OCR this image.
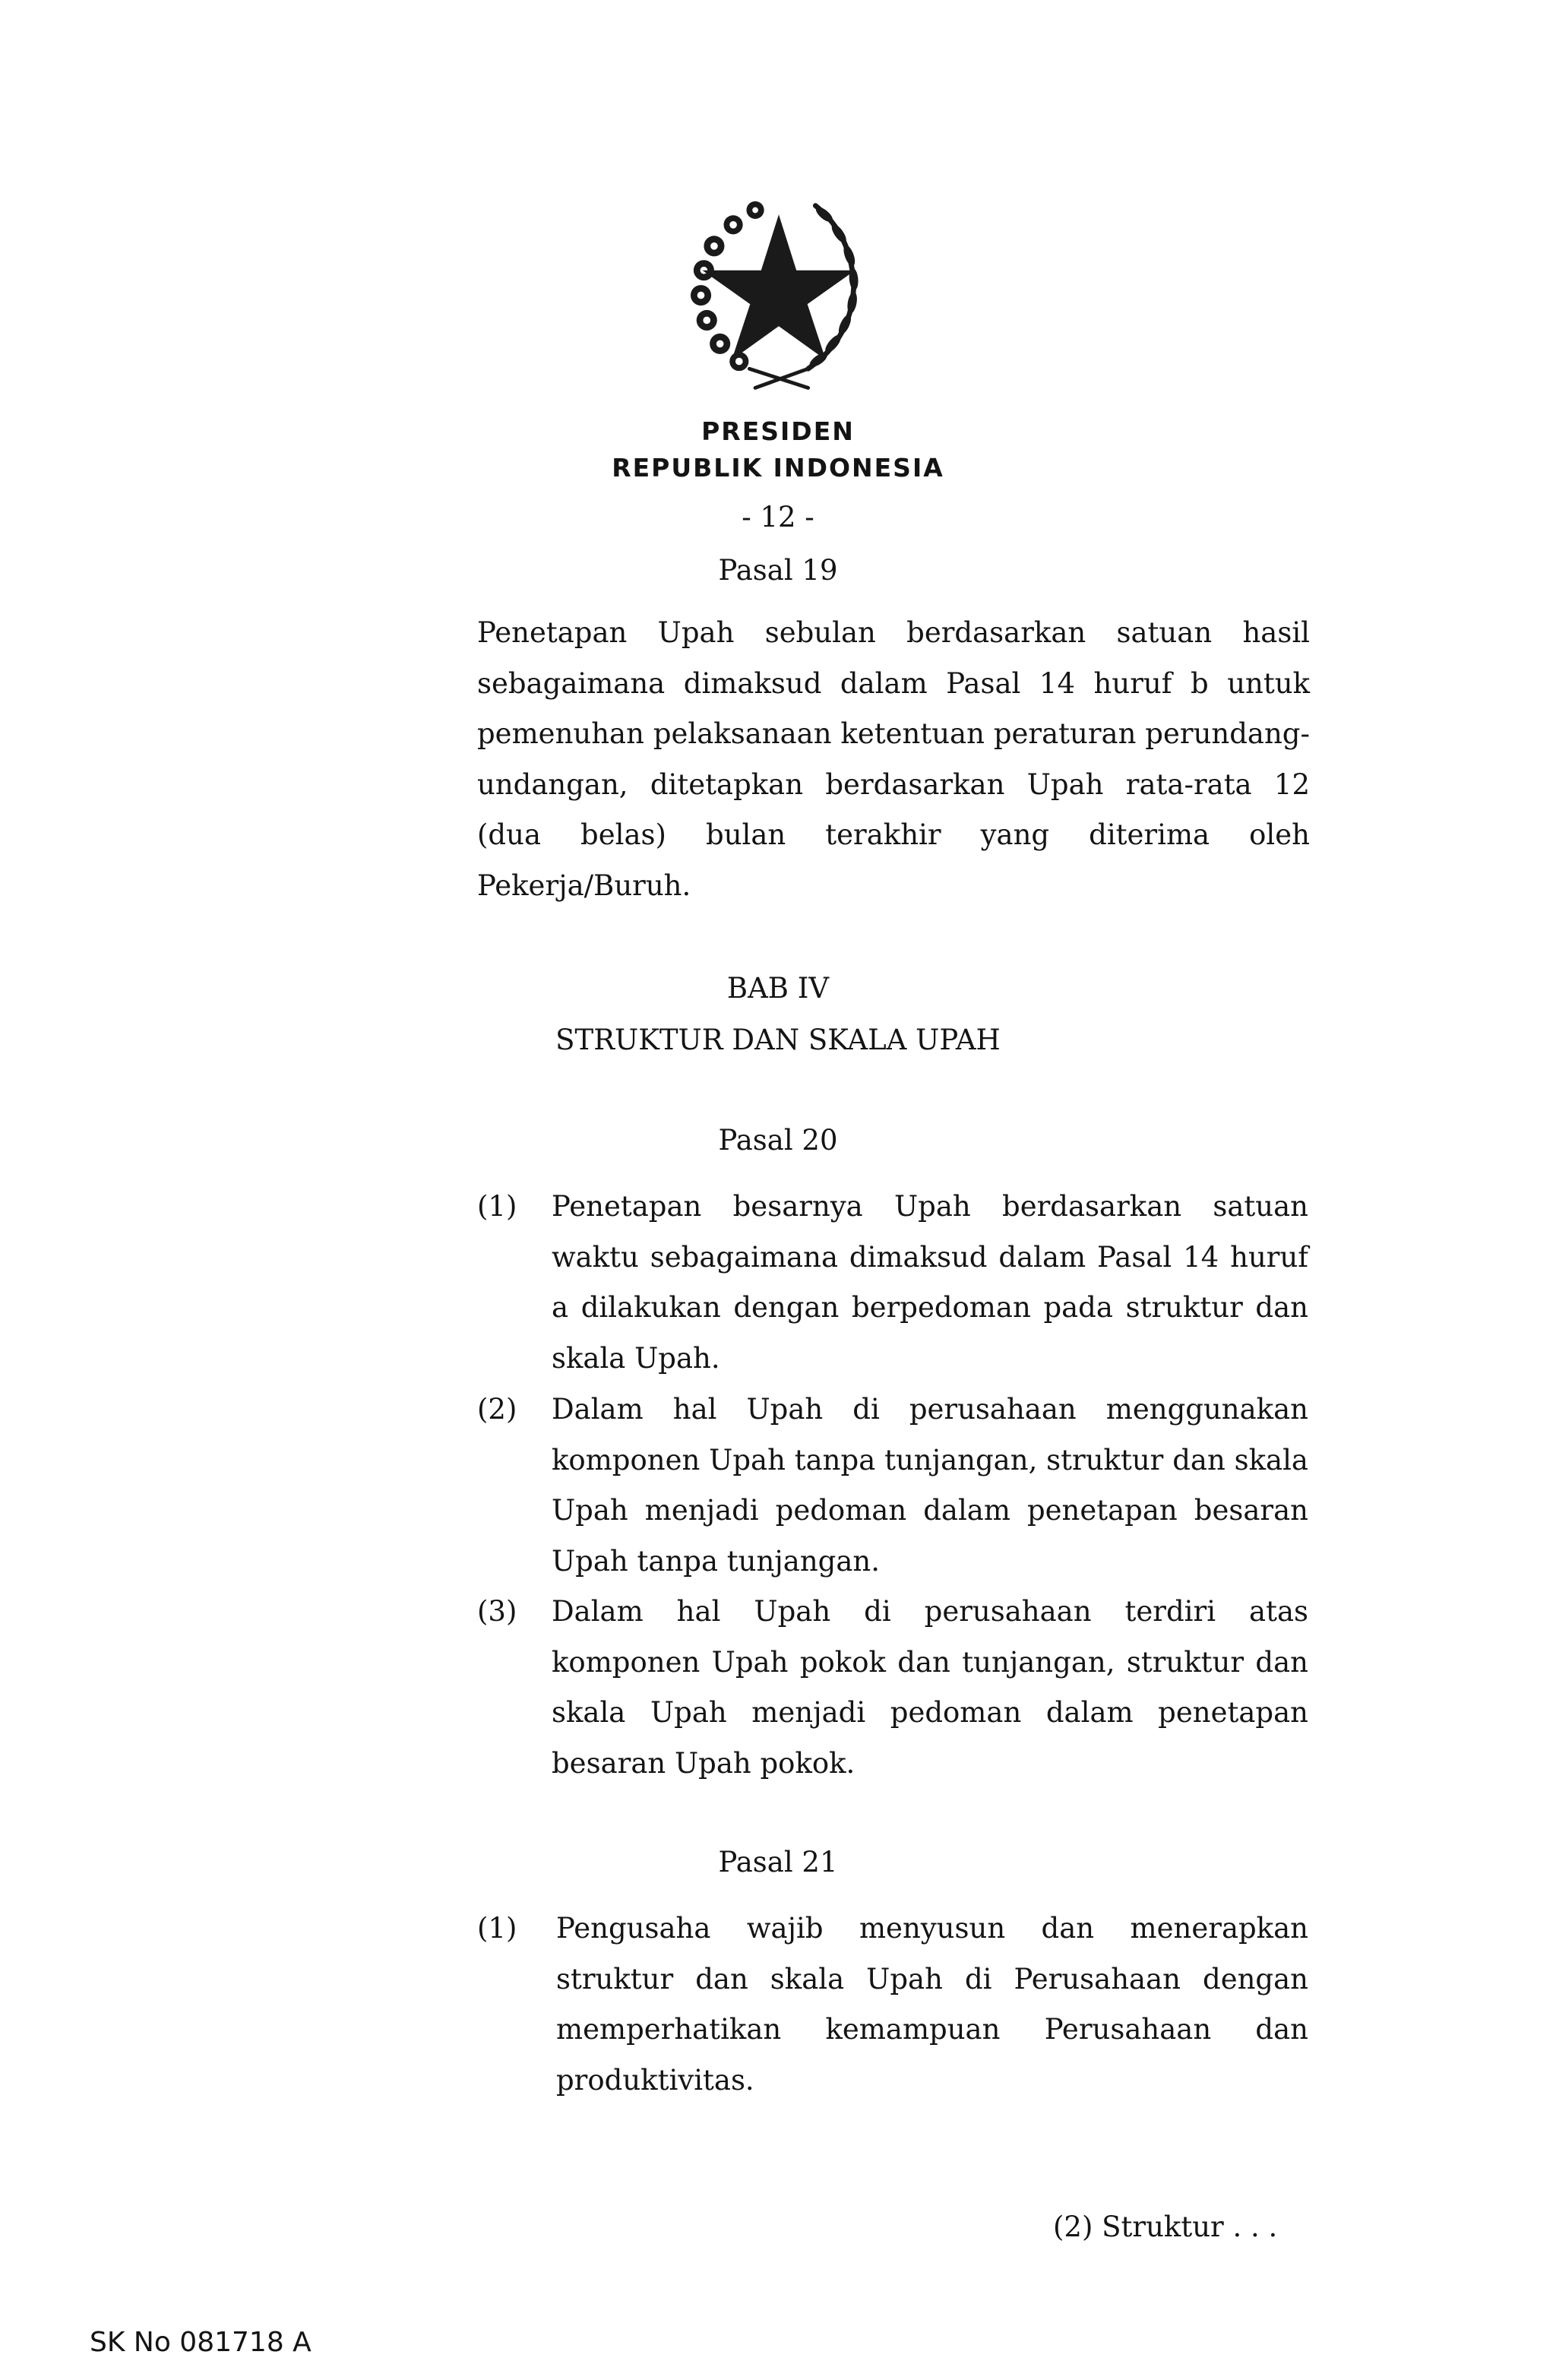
PRESIDEN
REPUBLIK INDONESIA
- 12 -
Pasal 19
Penetapan Upah sebulan berdasarkan satuan hasil sebagaimana dimaksud dalam Pasal 14 huruf b untuk pemenuhan pelaksanaan ketentuan peraturan perundang-undangan, ditetapkan berdasarkan Upah rata-rata 12 (dua belas) bulan terakhir yang diterima oleh Pekerja/Buruh.
BAB IV
STRUKTUR DAN SKALA UPAH
Pasal 20
(1) Penetapan besarnya Upah berdasarkan satuan waktu sebagaimana dimaksud dalam Pasal 14 huruf a dilakukan dengan berpedoman pada struktur dan skala Upah.
(2) Dalam hal Upah di perusahaan menggunakan komponen Upah tanpa tunjangan, struktur dan skala Upah menjadi pedoman dalam penetapan besaran Upah tanpa tunjangan.
(3) Dalam hal Upah di perusahaan terdiri atas komponen Upah pokok dan tunjangan, struktur dan skala Upah menjadi pedoman dalam penetapan besaran Upah pokok.
Pasal 21
(1) Pengusaha wajib menyusun dan menerapkan struktur dan skala Upah di Perusahaan dengan memperhatikan kemampuan Perusahaan dan produktivitas.
(2) Struktur . . .
SK No 081718 A
